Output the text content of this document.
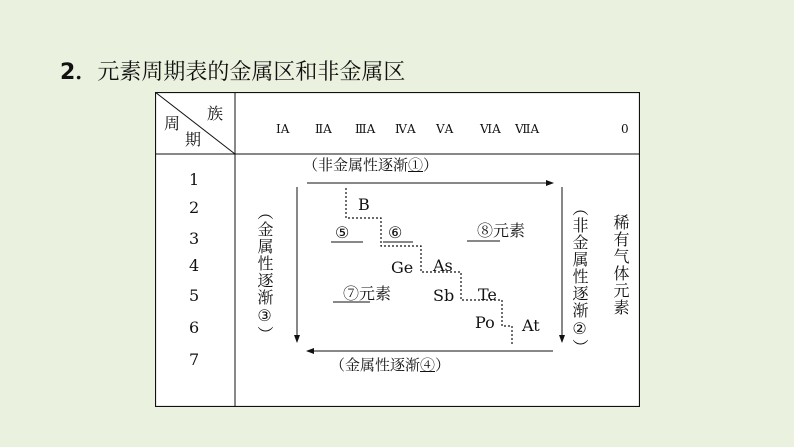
2．元素周期表的金属区和非金属区
族
周
期
ⅠA ⅡA ⅢA ⅣA ⅤA ⅥA ⅦA	0
1
2
3
4
5
6
7
（非金属性逐渐①）
（金属性逐渐④）
（金属性逐渐③）
（非金属性逐渐②）
稀有气体元素
B
⑤ ⑥	⑧元素
Ge As
⑦元素	Sb Te
Po At
